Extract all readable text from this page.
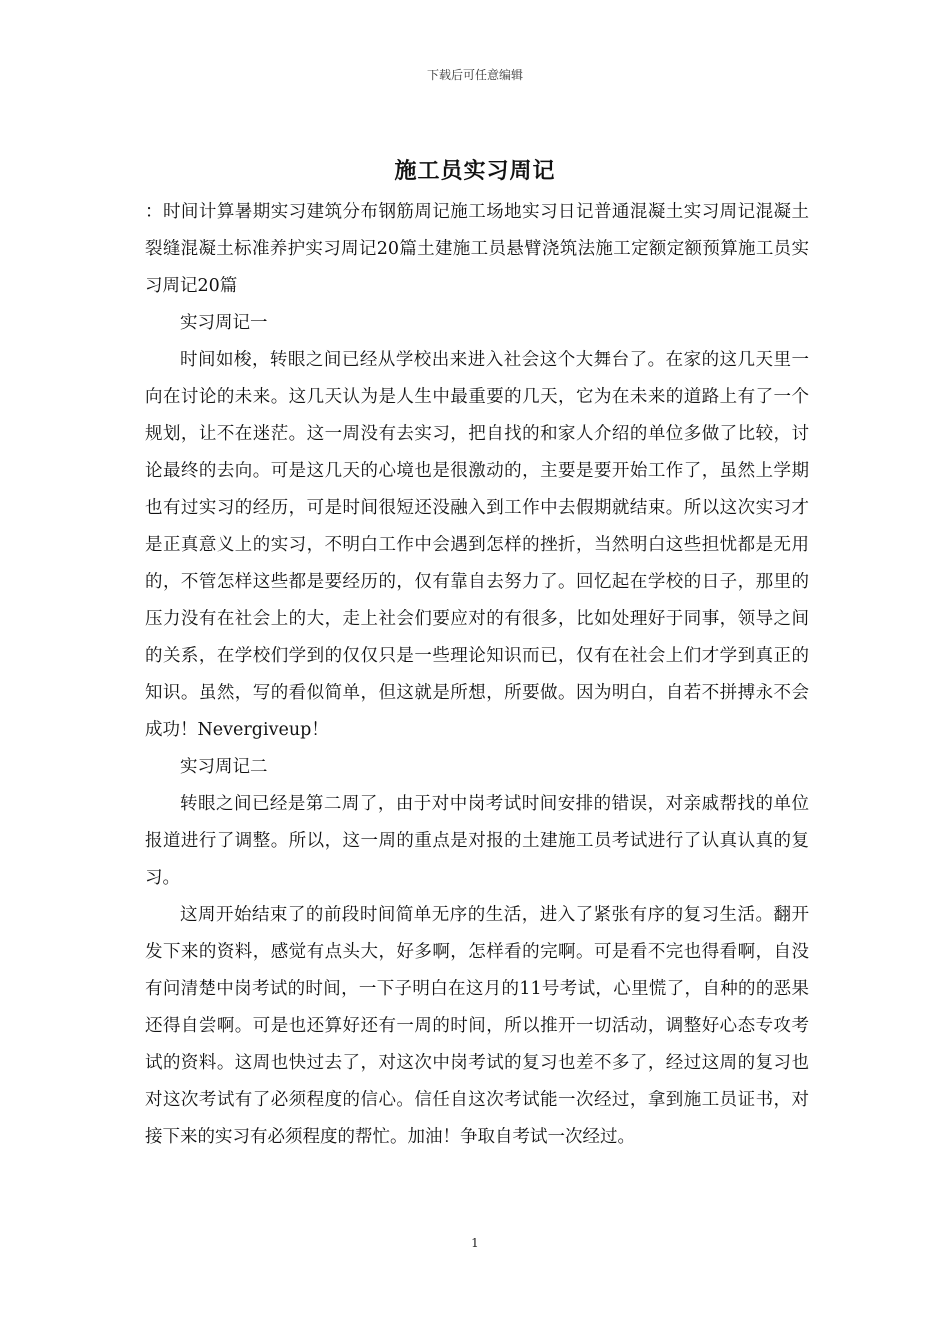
下载后可任意编辑
施工员实习周记

：时间计算暑期实习建筑分布钢筋周记施工场地实习日记普通混凝土实习周记混凝土裂缝混凝土标准养护实习周记20篇土建施工员悬臂浇筑法施工定额定额预算施工员实习周记20篇

实习周记一

时间如梭，转眼之间已经从学校出来进入社会这个大舞台了。在家的这几天里一向在讨论的未来。这几天认为是人生中最重要的几天，它为在未来的道路上有了一个规划，让不在迷茫。这一周没有去实习，把自找的和家人介绍的单位多做了比较，讨论最终的去向。可是这几天的心境也是很激动的，主要是要开始工作了，虽然上学期也有过实习的经历，可是时间很短还没融入到工作中去假期就结束。所以这次实习才是正真意义上的实习，不明白工作中会遇到怎样的挫折，当然明白这些担忧都是无用的，不管怎样这些都是要经历的，仅有靠自去努力了。回忆起在学校的日子，那里的压力没有在社会上的大，走上社会们要应对的有很多，比如处理好于同事，领导之间的关系，在学校们学到的仅仅只是一些理论知识而已，仅有在社会上们才学到真正的知识。虽然，写的看似简单，但这就是所想，所要做。因为明白，自若不拼搏永不会成功！Nevergiveup！

实习周记二

转眼之间已经是第二周了，由于对中岗考试时间安排的错误，对亲戚帮找的单位报道进行了调整。所以，这一周的重点是对报的土建施工员考试进行了认真认真的复习。

这周开始结束了的前段时间简单无序的生活，进入了紧张有序的复习生活。翻开发下来的资料，感觉有点头大，好多啊，怎样看的完啊。可是看不完也得看啊，自没有问清楚中岗考试的时间，一下子明白在这月的11号考试，心里慌了，自种的的恶果还得自尝啊。可是也还算好还有一周的时间，所以推开一切活动，调整好心态专攻考试的资料。这周也快过去了，对这次中岗考试的复习也差不多了，经过这周的复习也对这次考试有了必须程度的信心。信任自这次考试能一次经过，拿到施工员证书，对接下来的实习有必须程度的帮忙。加油！争取自考试一次经过。

1
